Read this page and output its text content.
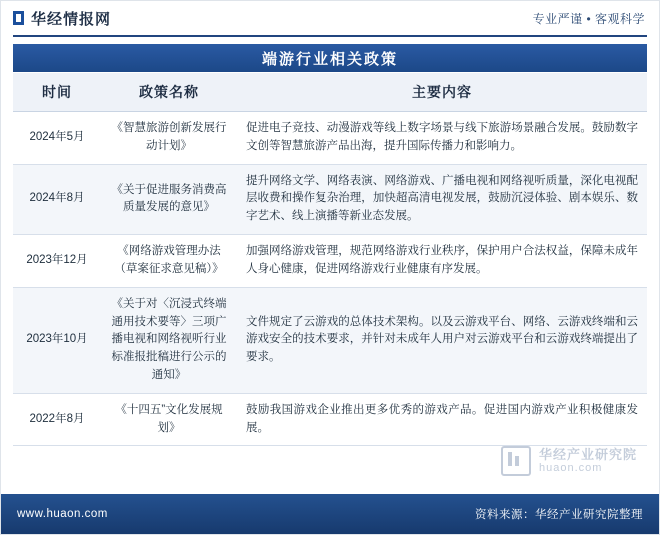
华经情报网	专业严谨 • 客观科学
端游行业相关政策
时间	政策名称	主要内容
2024年5月	《智慧旅游创新发展行动计划》	促进电子竞技、动漫游戏等线上数字场景与线下旅游场景融合发展。鼓励数字文创等智慧旅游产品出海，提升国际传播力和影响力。
2024年8月	《关于促进服务消费高质量发展的意见》	提升网络文学、网络表演、网络游戏、广播电视和网络视听质量，深化电视配层收费和操作复杂治理，加快超高清电视发展，鼓励沉浸体验、剧本娱乐、数字艺术、线上演播等新业态发展。
2023年12月	《网络游戏管理办法（草案征求意见稿）》	加强网络游戏管理，规范网络游戏行业秩序，保护用户合法权益，保障未成年人身心健康，促进网络游戏行业健康有序发展。
2023年10月	《关于对〈沉浸式终端通用技术要等〉三项广播电视和网络视听行业标准报批稿进行公示的通知》	文件规定了云游戏的总体技术架构。以及云游戏平台、网络、云游戏终端和云游戏安全的技术要求，并针对未成年人用户对云游戏平台和云游戏终端提出了要求。
2022年8月	《十四五”文化发展规划》	鼓励我国游戏企业推出更多优秀的游戏产品。促进国内游戏产业积极健康发展。
华经产业研究院
huaon.com
www.huaon.com	资料来源：华经产业研究院整理
